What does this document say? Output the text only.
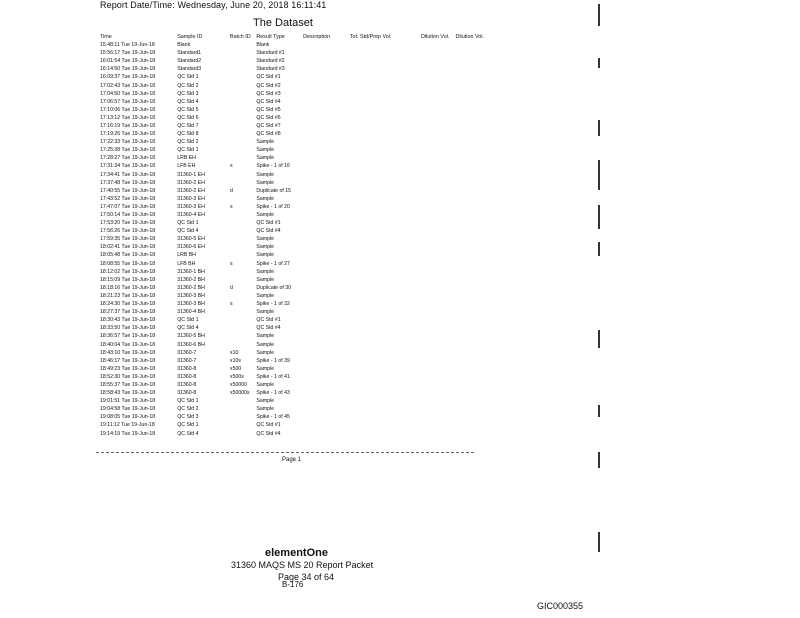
Report Date/Time: Wednesday, June 20, 2018 16:11:41
The Dataset
Time	Sample ID	Batch ID	Result Type	Description	Tot. Std/Prep Vol.	Dilution Vol.	Dilution Vol.
15:48:11 Tue 19-Jun-18	Blank		Blank				
15:56:17 Tue 19-Jun-18	Standard1		Standard #1				
16:01:54 Tue 19-Jun-18	Standard2		Standard #2				
16:14:50 Tue 19-Jun-18	Standard3		Standard #3				
16:09:37 Tue 19-Jun-18	QC Std 1		QC Std #1				
17:02:43 Tue 19-Jun-18	QC Std 2		QC Std #2				
17:04:50 Tue 19-Jun-18	QC Std 3		QC Std #3				
17:06:57 Tue 19-Jun-18	QC Std 4		QC Std #4				
17:10:06 Tue 19-Jun-18	QC Std 5		QC Std #5				
17:13:12 Tue 19-Jun-18	QC Std 6		QC Std #6				
17:16:19 Tue 19-Jun-18	QC Std 7		QC Std #7				
17:19:26 Tue 19-Jun-18	QC Std 8		QC Std #8				
17:22:33 Tue 19-Jun-18	QC Std 2		Sample				
17:25:38 Tue 19-Jun-18	QC Std 1		Sample				
17:28:27 Tue 19-Jun-18	LRB EH		Sample				
17:31:34 Tue 19-Jun-18	LFB EH	s	Spike - 1 of 16				
17:34:41 Tue 19-Jun-18	31360-1 EH		Sample				
17:37:48 Tue 19-Jun-18	31360-2 EH		Sample				
17:40:55 Tue 19-Jun-18	31360-2 EH	d	Duplicate of 15				
17:43:52 Tue 19-Jun-18	31360-3 EH		Sample				
17:47:07 Tue 19-Jun-18	31360-3 EH	s	Spike - 1 of 20				
17:50:14 Tue 19-Jun-18	31360-4 EH		Sample				
17:53:20 Tue 19-Jun-18	QC Std 1		QC Std #1				
17:56:26 Tue 19-Jun-18	QC Std 4		QC Std #4				
17:59:35 Tue 19-Jun-18	31360-5 EH		Sample				
18:02:41 Tue 19-Jun-18	31360-6 EH		Sample				
18:05:48 Tue 19-Jun-18	LRB BH		Sample				
18:08:55 Tue 19-Jun-18	LFB BH	s	Spike - 1 of 27				
18:12:02 Tue 19-Jun-18	31360-1 BH		Sample				
18:15:09 Tue 19-Jun-18	31360-2 BH		Sample				
18:18:16 Tue 19-Jun-18	31360-2 BH	d	Duplicate of 30				
18:21:23 Tue 19-Jun-18	31360-3 BH		Sample				
18:24:30 Tue 19-Jun-18	31360-3 BH	s	Spike - 1 of 32				
18:27:37 Tue 19-Jun-18	31360-4 BH		Sample				
18:30:43 Tue 19-Jun-18	QC Std 1		QC Std #1				
18:33:50 Tue 19-Jun-18	QC Std 4		QC Std #4				
18:36:57 Tue 19-Jun-18	31360-5 BH		Sample				
18:40:04 Tue 19-Jun-18	31360-6 BH		Sample				
18:43:10 Tue 19-Jun-18	31360-7	x10	Sample				
18:46:17 Tue 19-Jun-18	31360-7	x10s	Spike - 1 of 39				
18:49:23 Tue 19-Jun-18	31360-8	x500	Sample				
18:52:30 Tue 19-Jun-18	31360-8	x500s	Spike - 1 of 41				
18:55:37 Tue 19-Jun-18	31360-8	x50000	Sample				
18:58:43 Tue 19-Jun-18	31360-8	x50000s	Spike - 1 of 43				
19:01:51 Tue 19-Jun-18	QC Std 1		Sample				
19:04:58 Tue 19-Jun-18	QC Std 2		Sample				
19:08:05 Tue 19-Jun-18	QC Std 3		Spike - 1 of 45				
19:11:12 Tue 19-Jun-18	QC Std 1		QC Std #1				
19:14:19 Tue 19-Jun-18	QC Std 4		QC Std #4				
Page 1
elementOne
31360 MAQS MS 20 Report Packet
Page 34 of 64
B-176
GIC000355
